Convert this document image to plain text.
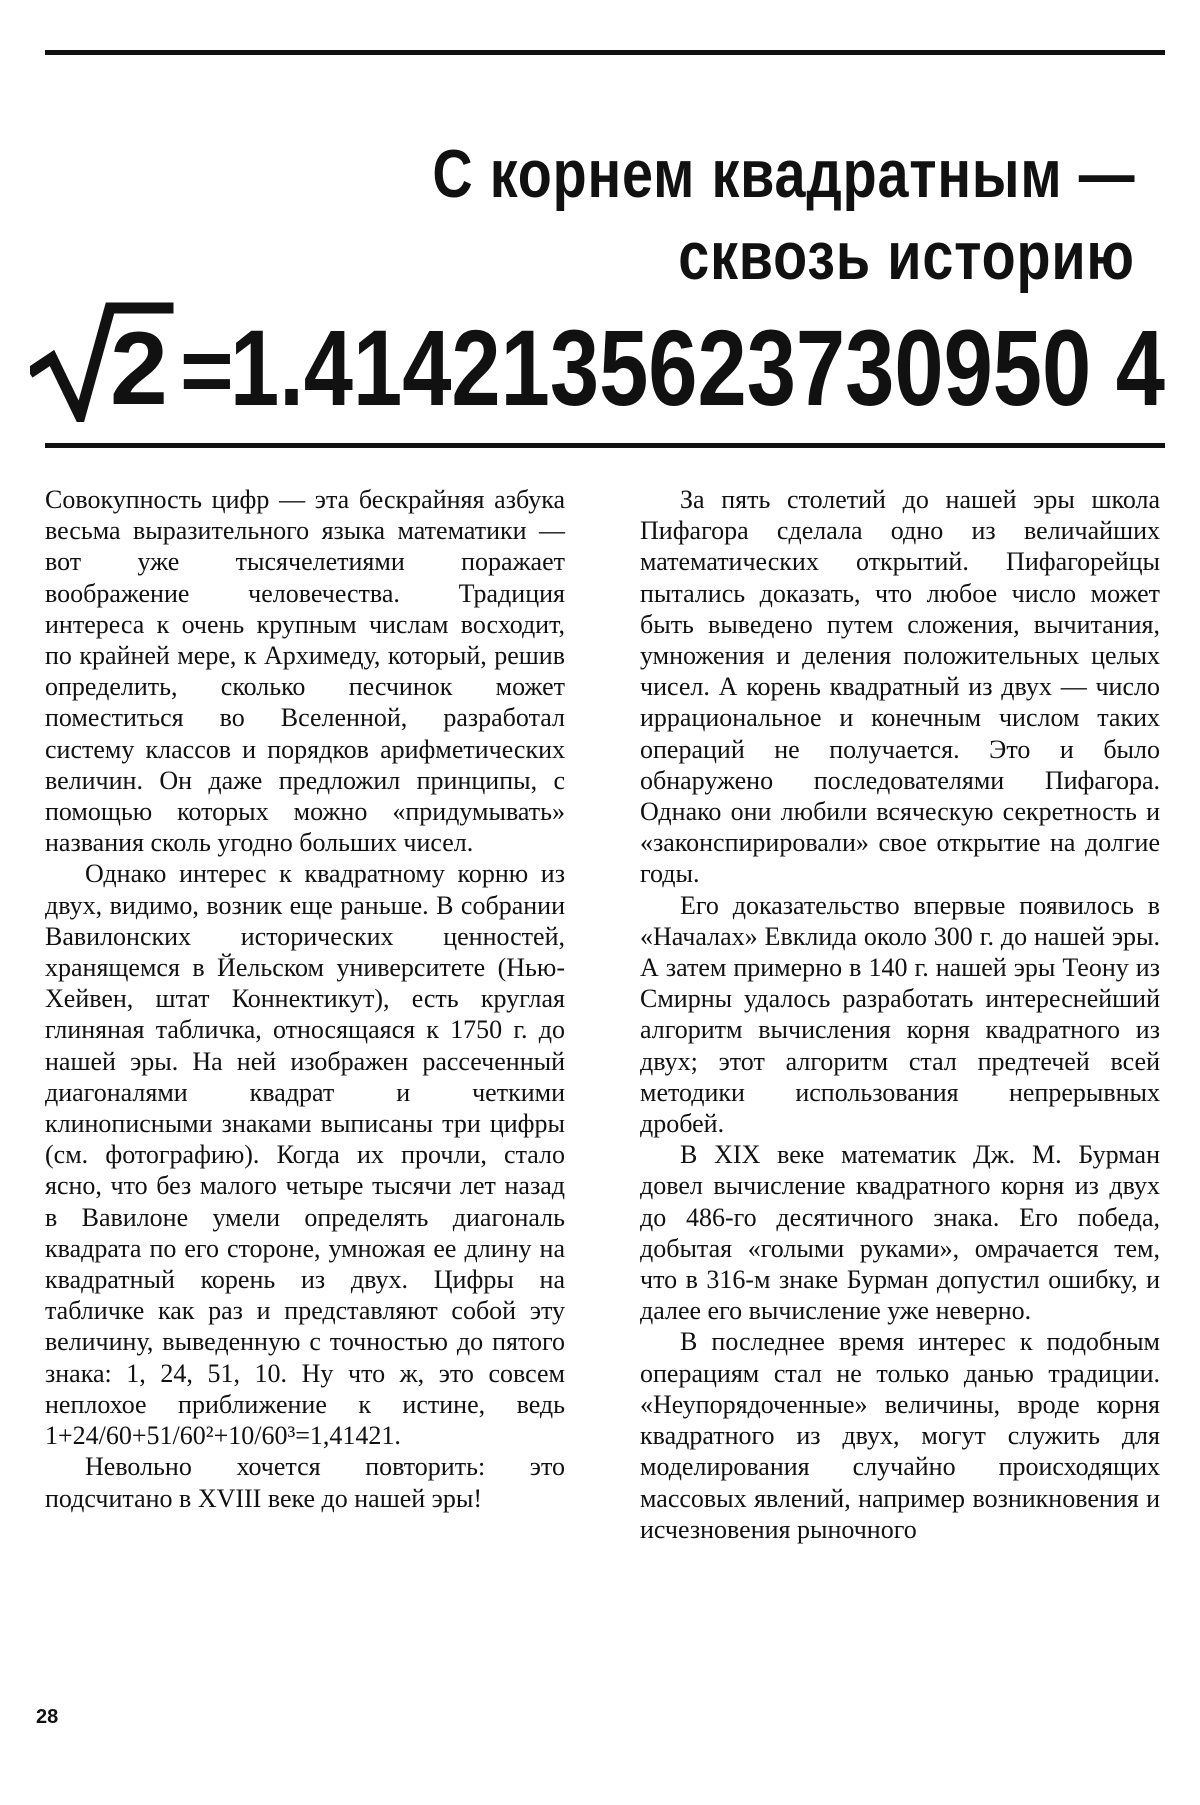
С корнем квадратным —
сквозь историю
2 =
1.4142135623730950 4

Совокупность цифр — эта бескрайняя азбука весьма выразительного языка математики — вот уже тысячелетиями поражает воображение человечества. Традиция интереса к очень крупным числам восходит, по крайней мере, к Архимеду, который, решив определить, сколько песчинок может поместиться во Вселенной, разработал систему классов и порядков арифметических величин. Он даже предложил принципы, с помощью которых можно «придумывать» названия сколь угодно больших чисел.

Однако интерес к квадратному корню из двух, видимо, возник еще раньше. В собрании Вавилонских исторических ценностей, хранящемся в Йельском университете (Нью-Хейвен, штат Коннектикут), есть круглая глиняная табличка, относящаяся к 1750 г. до нашей эры. На ней изображен рассеченный диагоналями квадрат и четкими клинописными знаками выписаны три цифры (см. фотографию). Когда их прочли, стало ясно, что без малого четыре тысячи лет назад в Вавилоне умели определять диагональ квадрата по его стороне, умножая ее длину на квадратный корень из двух. Цифры на табличке как раз и представляют собой эту величину, выведенную с точностью до пятого знака: 1, 24, 51, 10. Ну что ж, это совсем неплохое приближение к истине, ведь 1+24/60+51/60²+10/60³=1,41421.

Невольно хочется повторить: это подсчитано в XVIII веке до нашей эры!

За пять столетий до нашей эры школа Пифагора сделала одно из величайших математических открытий. Пифагорейцы пытались доказать, что любое число может быть выведено путем сложения, вычитания, умножения и деления положительных целых чисел. А корень квадратный из двух — число иррациональное и конечным числом таких операций не получается. Это и было обнаружено последователями Пифагора. Однако они любили всяческую секретность и «законспирировали» свое открытие на долгие годы.

Его доказательство впервые появилось в «Началах» Евклида около 300 г. до нашей эры. А затем примерно в 140 г. нашей эры Теону из Смирны удалось разработать интереснейший алгоритм вычисления корня квадратного из двух; этот алгоритм стал предтечей всей методики использования непрерывных дробей.

В XIX веке математик Дж. М. Бурман довел вычисление квадратного корня из двух до 486-го десятичного знака. Его победа, добытая «голыми руками», омрачается тем, что в 316-м знаке Бурман допустил ошибку, и далее его вычисление уже неверно.

В последнее время интерес к подобным операциям стал не только данью традиции. «Неупорядоченные» величины, вроде корня квадратного из двух, могут служить для моделирования случайно происходящих массовых явлений, например возникновения и исчезновения рыночного

28
